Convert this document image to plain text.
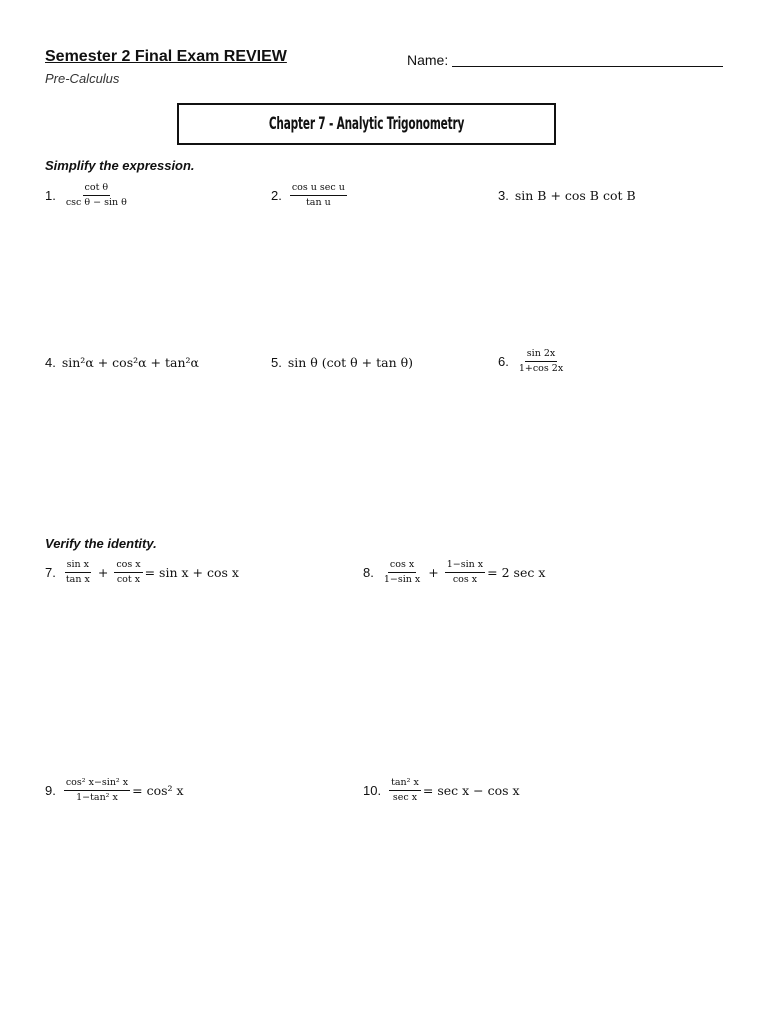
Semester 2 Final Exam REVIEW
Pre-Calculus
Name:
Chapter 7 - Analytic Trigonometry
Simplify the expression.
1. $\frac{\text{cot θ}}{\text{csc θ − sin θ}}$	2. $\frac{\text{cos u sec u}}{\text{tan u}}$	3. sin B + cos B cot B
4. sin²α + cos²α + tan²α	5. sin θ (cot θ + tan θ)	6. $\frac{\sin 2x}{1+\cos 2x}$
Verify the identity.
7. $\frac{\text{sin x}}{\text{tan x}} + \frac{\text{cos x}}{\text{cot x}} = \sin x + \cos x$	8. $\frac{\text{cos x}}{\text{1−sin x}} + \frac{\text{1−sin x}}{\text{cos x}} = 2$ sec x
9. $\frac{\text{cos² x−sin² x}}{\text{1−tan² x}} = \cos^2$ x	10. $\frac{\text{tan² x}}{\text{sec x}} = \sec x - \cos x$
